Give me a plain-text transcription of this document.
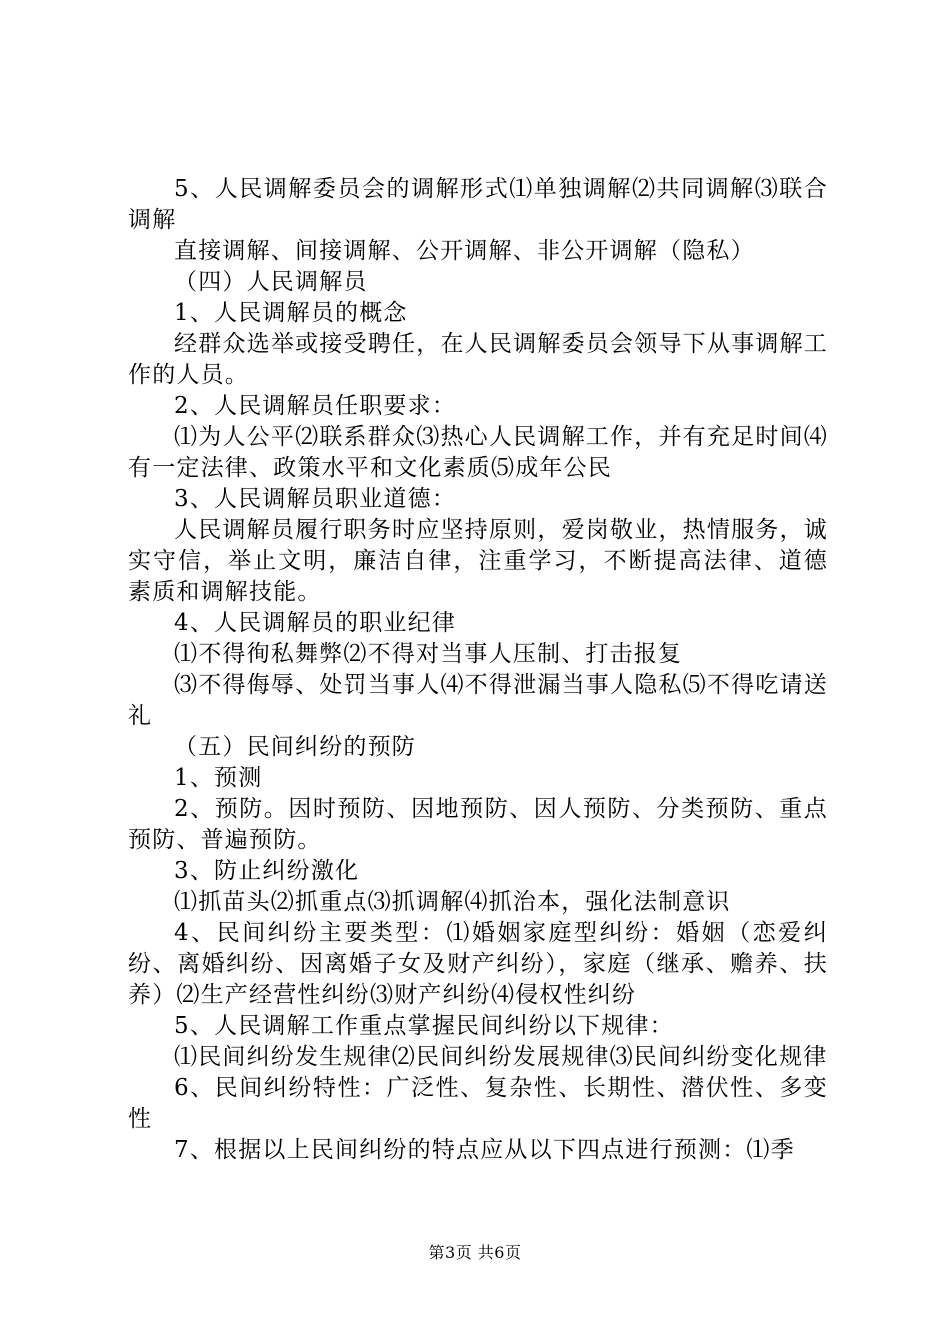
5、人民调解委员会的调解形式⑴单独调解⑵共同调解⑶联合调解

直接调解、间接调解、公开调解、非公开调解（隐私）

（四）人民调解员

1、人民调解员的概念

经群众选举或接受聘任，在人民调解委员会领导下从事调解工作的人员。

2、人民调解员任职要求：

⑴为人公平⑵联系群众⑶热心人民调解工作，并有充足时间⑷有一定法律、政策水平和文化素质⑸成年公民

3、人民调解员职业道德：

人民调解员履行职务时应坚持原则，爱岗敬业，热情服务，诚实守信，举止文明，廉洁自律，注重学习，不断提高法律、道德素质和调解技能。

4、人民调解员的职业纪律

⑴不得徇私舞弊⑵不得对当事人压制、打击报复

⑶不得侮辱、处罚当事人⑷不得泄漏当事人隐私⑸不得吃请送礼

（五）民间纠纷的预防

1、预测

2、预防。因时预防、因地预防、因人预防、分类预防、重点预防、普遍预防。

3、防止纠纷激化

⑴抓苗头⑵抓重点⑶抓调解⑷抓治本，强化法制意识

4、民间纠纷主要类型：⑴婚姻家庭型纠纷：婚姻（恋爱纠纷、离婚纠纷、因离婚子女及财产纠纷），家庭（继承、赡养、扶养）⑵生产经营性纠纷⑶财产纠纷⑷侵权性纠纷

5、人民调解工作重点掌握民间纠纷以下规律：

⑴民间纠纷发生规律⑵民间纠纷发展规律⑶民间纠纷变化规律

6、民间纠纷特性：广泛性、复杂性、长期性、潜伏性、多变性

7、根据以上民间纠纷的特点应从以下四点进行预测：⑴季

第3页 共6页
